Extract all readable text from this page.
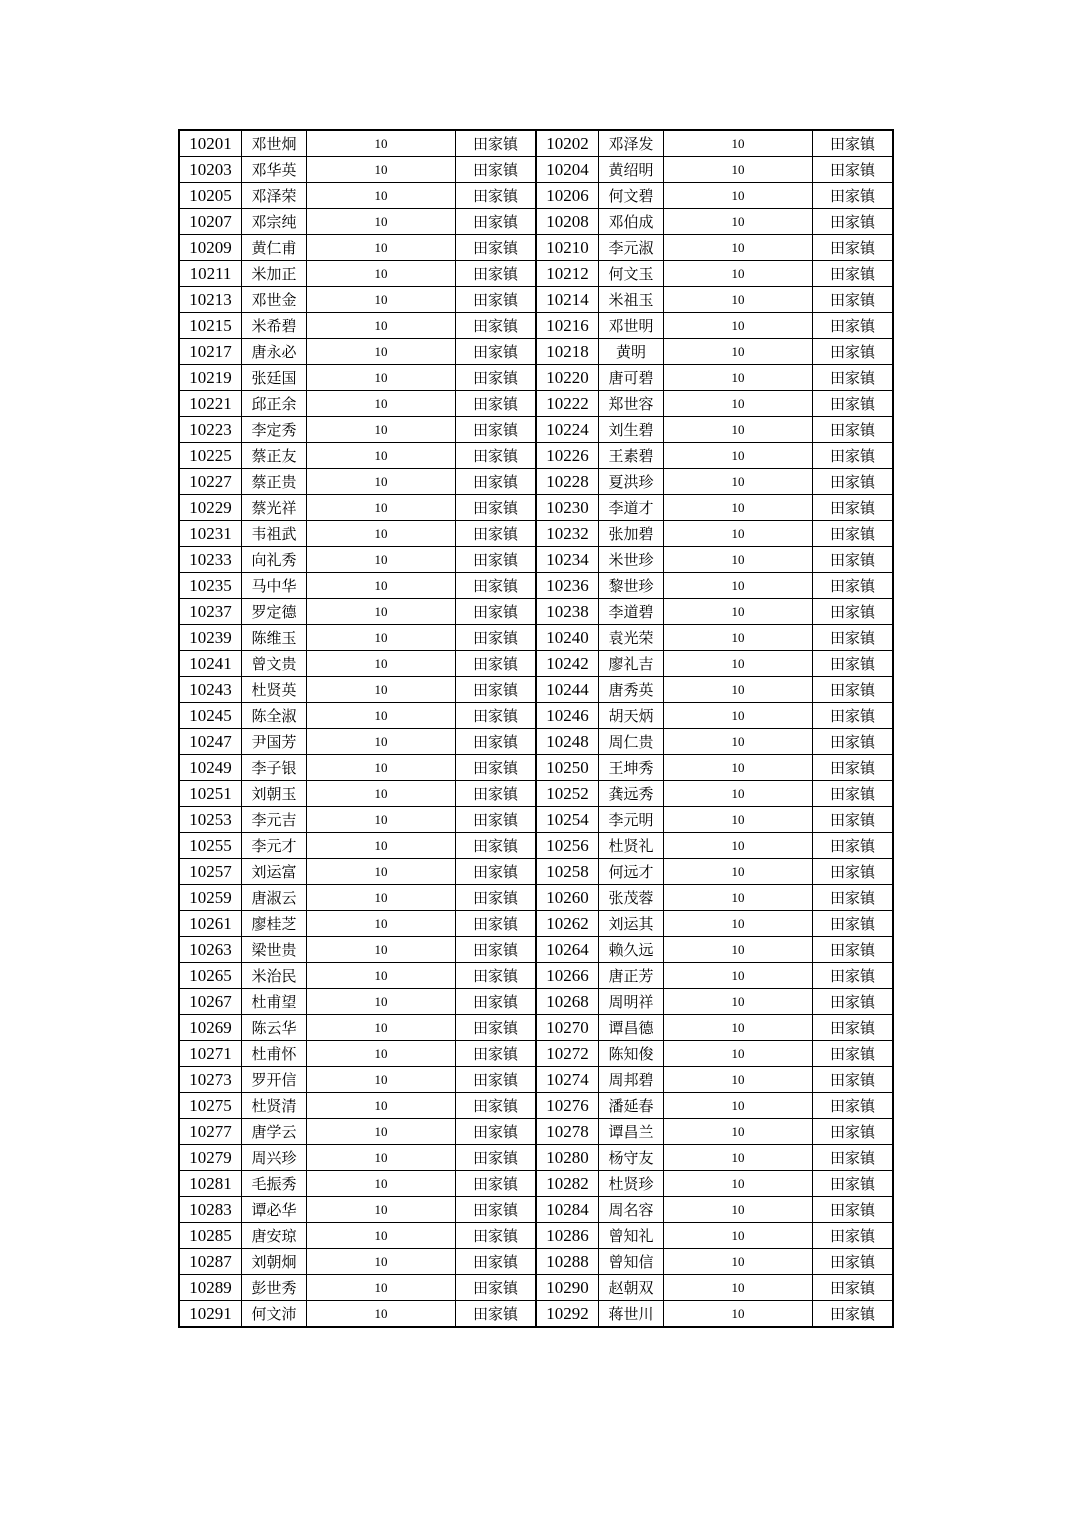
10201	邓世炯	10	田家镇	10202	邓泽发	10	田家镇
10203	邓华英	10	田家镇	10204	黄绍明	10	田家镇
10205	邓泽荣	10	田家镇	10206	何文碧	10	田家镇
10207	邓宗纯	10	田家镇	10208	邓伯成	10	田家镇
10209	黄仁甫	10	田家镇	10210	李元淑	10	田家镇
10211	米加正	10	田家镇	10212	何文玉	10	田家镇
10213	邓世金	10	田家镇	10214	米祖玉	10	田家镇
10215	米希碧	10	田家镇	10216	邓世明	10	田家镇
10217	唐永必	10	田家镇	10218	黄明	10	田家镇
10219	张廷国	10	田家镇	10220	唐可碧	10	田家镇
10221	邱正余	10	田家镇	10222	郑世容	10	田家镇
10223	李定秀	10	田家镇	10224	刘生碧	10	田家镇
10225	蔡正友	10	田家镇	10226	王素碧	10	田家镇
10227	蔡正贵	10	田家镇	10228	夏洪珍	10	田家镇
10229	蔡光祥	10	田家镇	10230	李道才	10	田家镇
10231	韦祖武	10	田家镇	10232	张加碧	10	田家镇
10233	向礼秀	10	田家镇	10234	米世珍	10	田家镇
10235	马中华	10	田家镇	10236	黎世珍	10	田家镇
10237	罗定德	10	田家镇	10238	李道碧	10	田家镇
10239	陈维玉	10	田家镇	10240	袁光荣	10	田家镇
10241	曾文贵	10	田家镇	10242	廖礼吉	10	田家镇
10243	杜贤英	10	田家镇	10244	唐秀英	10	田家镇
10245	陈全淑	10	田家镇	10246	胡天炳	10	田家镇
10247	尹国芳	10	田家镇	10248	周仁贵	10	田家镇
10249	李子银	10	田家镇	10250	王坤秀	10	田家镇
10251	刘朝玉	10	田家镇	10252	龚远秀	10	田家镇
10253	李元吉	10	田家镇	10254	李元明	10	田家镇
10255	李元才	10	田家镇	10256	杜贤礼	10	田家镇
10257	刘运富	10	田家镇	10258	何远才	10	田家镇
10259	唐淑云	10	田家镇	10260	张茂蓉	10	田家镇
10261	廖桂芝	10	田家镇	10262	刘运其	10	田家镇
10263	梁世贵	10	田家镇	10264	赖久远	10	田家镇
10265	米治民	10	田家镇	10266	唐正芳	10	田家镇
10267	杜甫望	10	田家镇	10268	周明祥	10	田家镇
10269	陈云华	10	田家镇	10270	谭昌德	10	田家镇
10271	杜甫怀	10	田家镇	10272	陈知俊	10	田家镇
10273	罗开信	10	田家镇	10274	周邦碧	10	田家镇
10275	杜贤清	10	田家镇	10276	潘延春	10	田家镇
10277	唐学云	10	田家镇	10278	谭昌兰	10	田家镇
10279	周兴珍	10	田家镇	10280	杨守友	10	田家镇
10281	毛振秀	10	田家镇	10282	杜贤珍	10	田家镇
10283	谭必华	10	田家镇	10284	周名容	10	田家镇
10285	唐安琼	10	田家镇	10286	曾知礼	10	田家镇
10287	刘朝炯	10	田家镇	10288	曾知信	10	田家镇
10289	彭世秀	10	田家镇	10290	赵朝双	10	田家镇
10291	何文沛	10	田家镇	10292	蒋世川	10	田家镇
